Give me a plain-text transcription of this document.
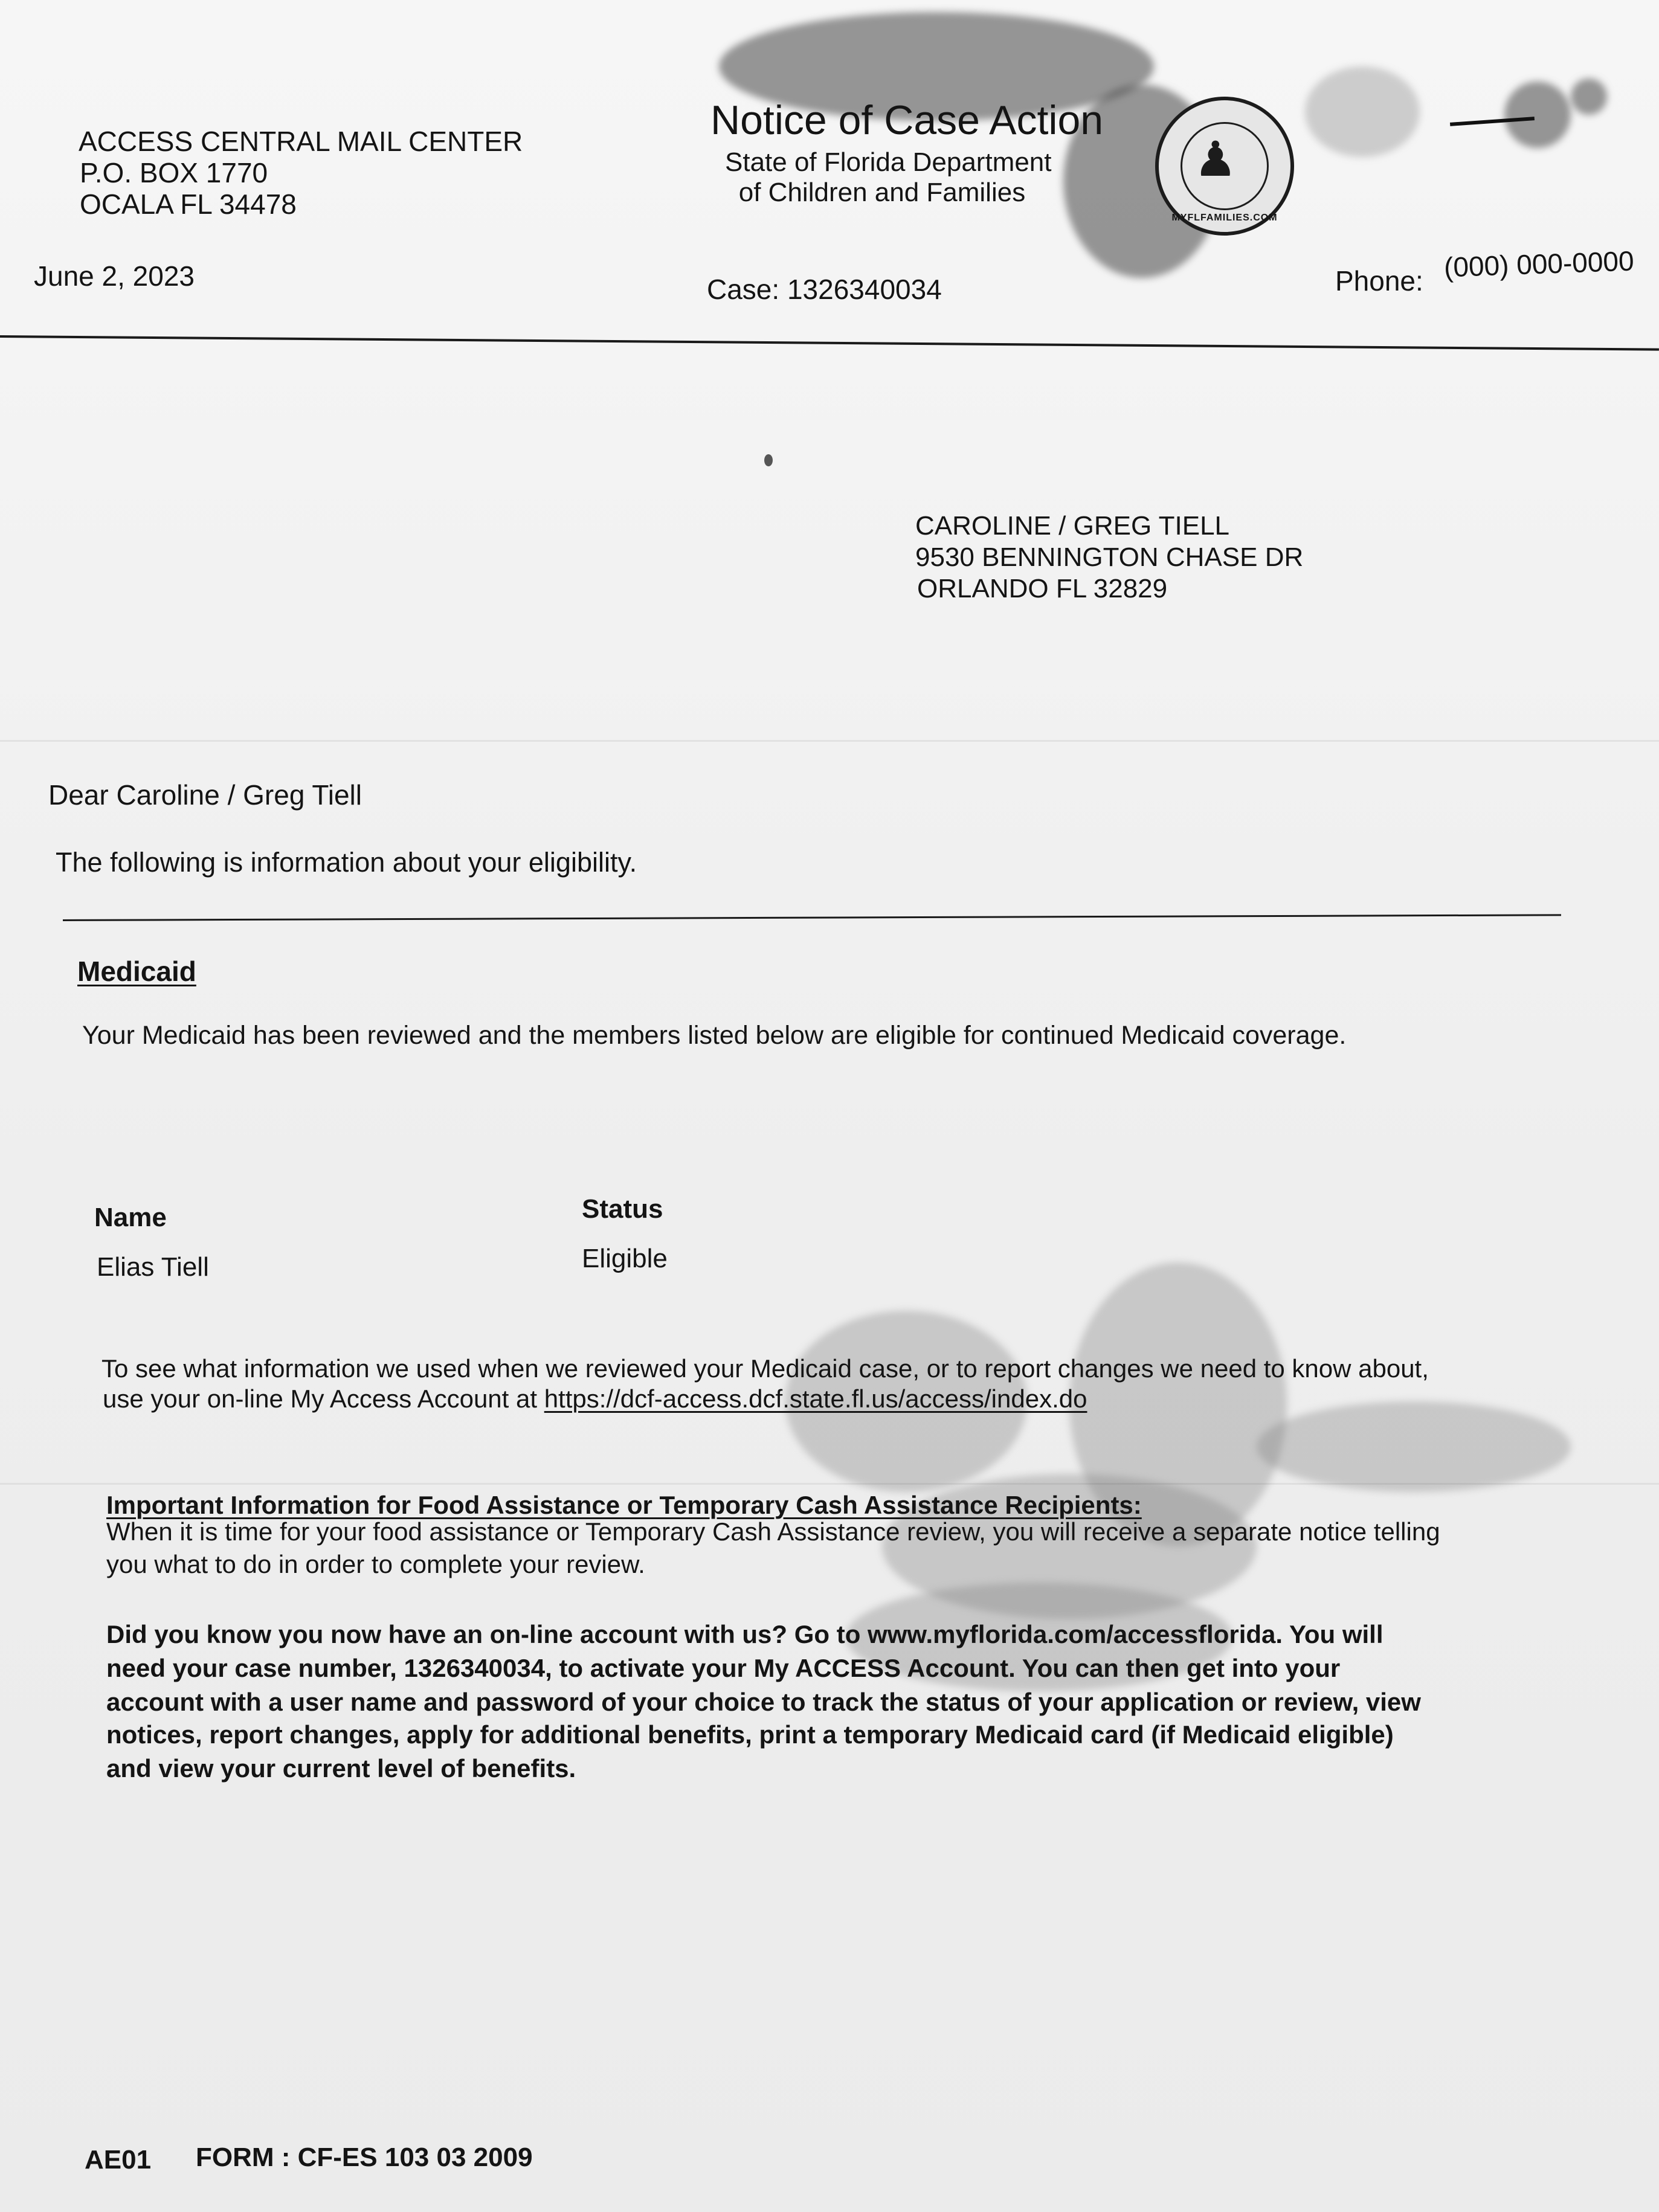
ACCESS CENTRAL MAIL CENTER
P.O. BOX 1770
OCALA FL 34478
Notice of Case Action
State of Florida Department
of Children and Families
♟
MYFLFAMILIES.COM
June 2, 2023	Case: 1326340034	Phone: (000) 000-0000
CAROLINE / GREG TIELL
9530 BENNINGTON CHASE DR
ORLANDO FL 32829
Dear Caroline / Greg Tiell
The following is information about your eligibility.
Medicaid
Your Medicaid has been reviewed and the members listed below are eligible for continued Medicaid coverage.
Name	Status
Elias Tiell	Eligible
To see what information we used when we reviewed your Medicaid case, or to report changes we need to know about,
use your on-line My Access Account at https://dcf-access.dcf.state.fl.us/access/index.do
Important Information for Food Assistance or Temporary Cash Assistance Recipients:
When it is time for your food assistance or Temporary Cash Assistance review, you will receive a separate notice telling
you what to do in order to complete your review.
Did you know you now have an on-line account with us? Go to www.myflorida.com/accessflorida. You will
need your case number, 1326340034, to activate your My ACCESS Account. You can then get into your
account with a user name and password of your choice to track the status of your application or review, view
notices, report changes, apply for additional benefits, print a temporary Medicaid card (if Medicaid eligible)
and view your current level of benefits.
AE01 FORM : CF-ES 103 03 2009
